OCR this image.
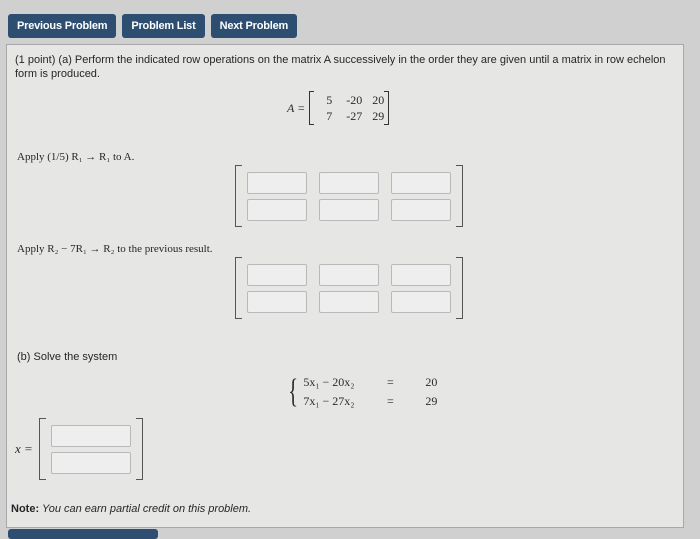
Previous Problem	Problem List	Next Problem
(1 point) (a) Perform the indicated row operations on the matrix A successively in the order they are given until a matrix in row echelon form is produced.
A =
5	-20 20
7	-27 29
Apply (1/5) R₁ → R₁ to A.
Apply R₂ − 7R₁ → R₂ to the previous result.
(b) Solve the system
{ 5x₁ − 20x₂	=	20
7x₁ − 27x₂	=	29
x =
Note: You can earn partial credit on this problem.
